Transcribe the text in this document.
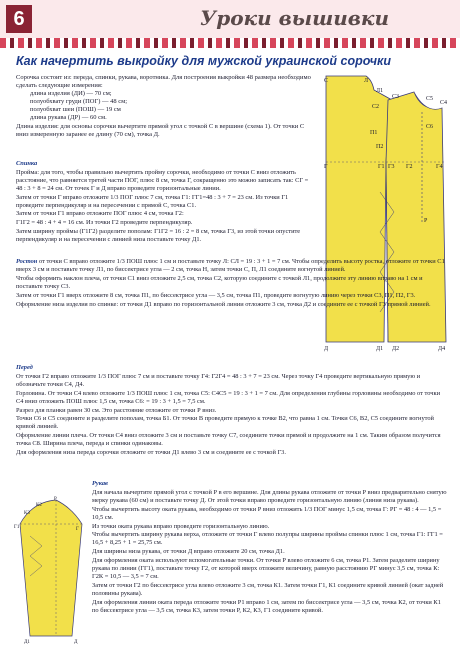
6	Уроки вышивки
Как начертить выкройку для мужской украинской сорочки

Сорочка состоит из: переда, спинки, рукава, воротника. Для построения выкройки 48 размера необходимо сделать следующие измерения:

длина изделия (ДИ) — 70 см;

полуобхвату груди (ПОГ) — 48 см;

полуобхват шеи (ПОШ) — 19 см

длина рукава (ДР) — 60 см.

Длина изделия: для основы сорочки вычертите прямой угол с точкой С в вершине (схема 1). От точки С вниз измеренную заранее ее длину (70 см), точка Д.

С	Л
Л1
С2
С3
Г
П1
П2
Г1 Г3 Г2	Г4
С5
С4
С6
Р
Д	Д1 Д2	Д4

Спинка

Пройма: для того, чтобы правильно вычертить пройму сорочки, необходимо от точки С вниз отложить расстояние, что равняется третей части ПОГ, плюс 8 см, точка Г, сокращенно это можно записать так: СГ = 48 : 3 + 8 = 24 см. От точек Г и Д вправо проведите горизонтальные линии.

Затем от точки Г вправо отложите 1/3 ПОГ плюс 7 см, точка Г1: ГГ1=48 : 3 + 7 = 23 см. Из точки Г1 проведите перпендикуляр и на пересечении с прямой С, точка С1.

Затем от точки Г1 вправо отложите ПОГ плюс 4 см, точка Г2:

Г1Г2 = 48 : 4 + 4 = 16 см. Из точки Г2 проведите перпендикуляр.

Затем ширину проймы (Г1Г2) разделите пополам: Г1Г2 = 16 : 2 = 8 см, точка Г3, из этой точки опустите перпендикуляр и на пересечении с линией низа поставьте точку Д1.

Ростон от точки С вправо отложите 1/3 ПОШ плюс 1 см и поставьте точку Л: СЛ = 19 : 3 + 1 = 7 см. Чтобы определить высоту ростка, отложите от точки С1 вверх 3 см и поставьте точку Л1, по биссектрисе угла — 2 см, точка Н, затем точки С, П, Л1 соедините вогнутой линией.

Чтобы оформить наклон плеча, от точки С1 вниз отложите 2,5 см, точка С2, которую соедините с точкой Л1, продолжите эту линию вправо на 1 см и поставьте точку С3.

Затем от точки Г1 вверх отложите 8 см, точка П1, по биссектрисе угла — 3,5 см, точка П1, проведите вогнутую линию через точки С3, П1, П2, Г3.

Оформление низа изделия по спинке: от точки Д1 вправо по горизонтальной линии отложите 3 см, точка Д2 и соедините ее с точкой Г3 прямой линией.

Перед

От точки Г2 вправо отложите 1/3 ПОГ плюс 7 см и поставьте точку Г4: Г2Г4 = 48 : 3 + 7 = 23 см. Через точку Г4 проведите вертикальную прямую и обозначьте точки С4, Д4.

Горловина. От точки С4 влево отложите 1/3 ПОШ плюс 1 см, точка С5: С4С5 = 19 : 3 + 1 = 7 см. Для определения глубины горловины необходимо от точки С4 вниз отложить ПОШ плюс 1,5 см, точка С6: = 19 : 3 + 1,5 = 7,5 см.

Разрез для планки равен 30 см. Это расстояние отложите от точки Р вниз.

Точки С6 и С5 соедините и разделите пополам, точка Б1. От точки В проведите прямую к точке В2, что равна 1 см. Точки С6, В2, С5 соедините вогнутой кривой линией.

Оформление линии плеча. От точки С4 вниз отложите 3 см и поставьте точку С7, соедините точки прямой и продолжите на 1 см. Таким образом получится точка С8. Ширина плеча, переда и спинки одинаковы.

Для оформления низа переда сорочки отложите от точки Д1 влево 3 см и соедините ее с точкой Г3.

Рукав

Для начала вычертите прямой угол с точкой Р в его вершине. Для длины рукава отложите от точки Р вниз предварительно снятую мерку рукава (60 см) и поставьте точку Д. От этой точки вправо проведите горизонтальную линию (линия низа рукава).

Чтобы вычертить высоту оката рукава, необходимо от точки Р вниз отложить 1/3 ПОГ минус 1,5 см, точка Г: РГ = 48 : 4 — 1,5 = 10,5 см.

Из точки оката рукава вправо проведите горизонтальную линию.

Чтобы вычертить ширину рукава верха, отложите от точки Г влево полупры ширины проймы спинки плюс 1 см, точка Г1: ГГ1 = 16,5 + 8,25 + 1 = 25,75 см.

Для ширины низа рукава, от точки Д вправо отложите 20 см, точка Д1.

Для оформления оката используют вспомогательные точки. От точки Р влево отложите 6 см, точка Р1. Затем разделите ширину рукава по линии (ГГ1), поставьте точку Г2, от которой вверх отложите величину, равную расстоянию РГ минус 3,5 см, точка К: Г2К = 10,5 — 3,5 = 7 см.

Затем от точки Г2 по биссектрисе угла влево отложите 3 см, точка К1. Затем точки Г1, К1 соедините кривой линией (окат задней половины рукава).

Для оформления линии оката переда отложите точки Р1 вправо 1 см, затем по биссектрисе угла — 3,5 см, точка К2, от точки К1 по биссектрисе угла — 3,5 см, точка К3, затем точки Р, К2, К3, Г1 соедините кривой.

Р
К2
К3
Г1	Г
Д1	Д
